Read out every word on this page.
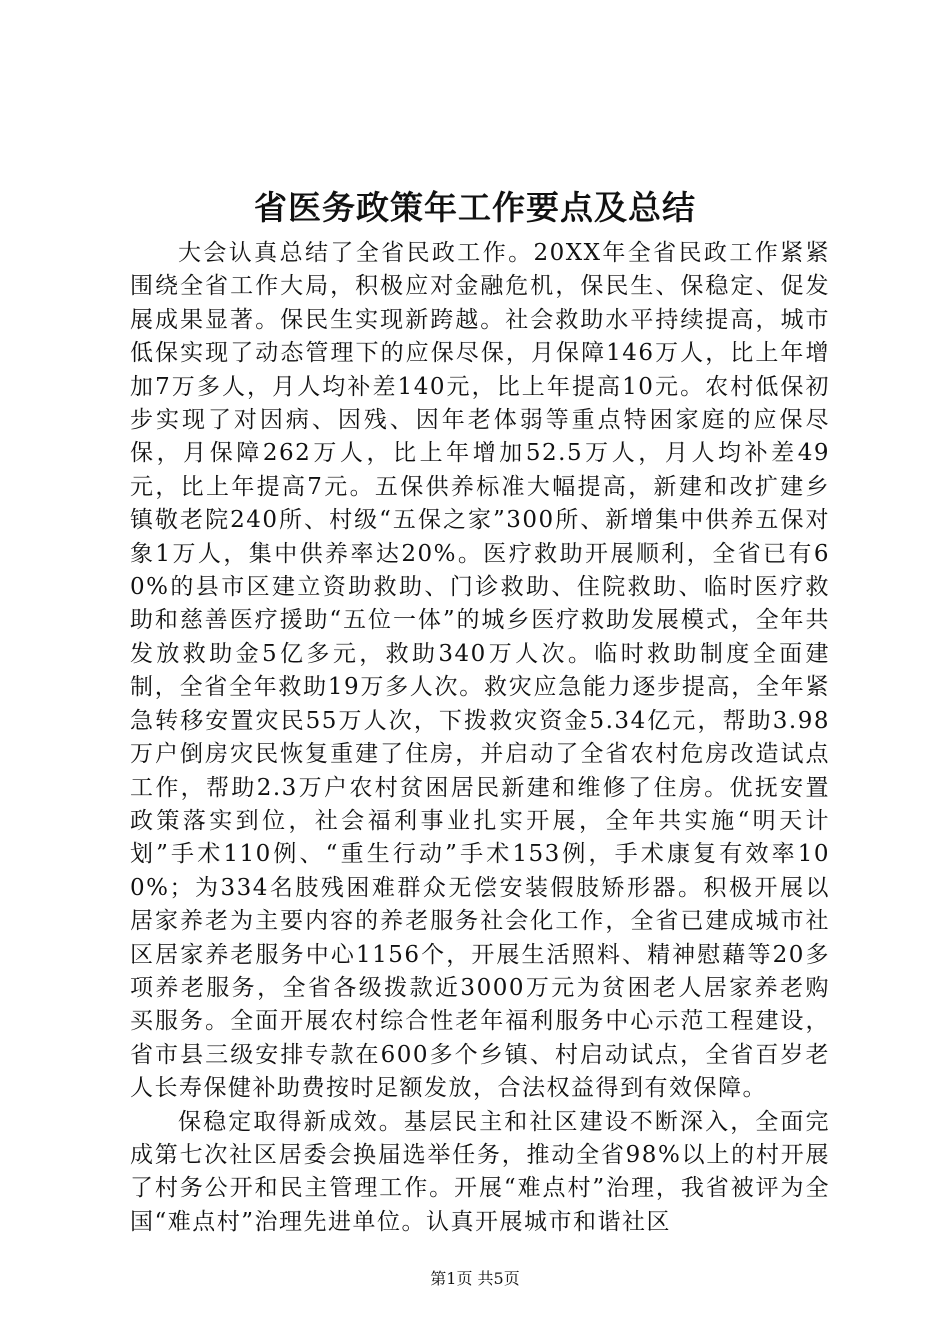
省医务政策年工作要点及总结

大会认真总结了全省民政工作。20XX年全省民政工作紧紧围绕全省工作大局，积极应对金融危机，保民生、保稳定、促发展成果显著。保民生实现新跨越。社会救助水平持续提高，城市低保实现了动态管理下的应保尽保，月保障146万人，比上年增加7万多人，月人均补差140元，比上年提高10元。农村低保初步实现了对因病、因残、因年老体弱等重点特困家庭的应保尽保，月保障262万人，比上年增加52.5万人，月人均补差49元，比上年提高7元。五保供养标准大幅提高，新建和改扩建乡镇敬老院240所、村级“五保之家”300所、新增集中供养五保对象1万人，集中供养率达20%。医疗救助开展顺利，全省已有60%的县市区建立资助救助、门诊救助、住院救助、临时医疗救助和慈善医疗援助“五位一体”的城乡医疗救助发展模式，全年共发放救助金5亿多元，救助340万人次。临时救助制度全面建制，全省全年救助19万多人次。救灾应急能力逐步提高，全年紧急转移安置灾民55万人次，下拨救灾资金5.34亿元，帮助3.98万户倒房灾民恢复重建了住房，并启动了全省农村危房改造试点工作，帮助2.3万户农村贫困居民新建和维修了住房。优抚安置政策落实到位，社会福利事业扎实开展，全年共实施“明天计划”手术110例、“重生行动”手术153例，手术康复有效率100%；为334名肢残困难群众无偿安装假肢矫形器。积极开展以居家养老为主要内容的养老服务社会化工作，全省已建成城市社区居家养老服务中心1156个，开展生活照料、精神慰藉等20多项养老服务，全省各级拨款近3000万元为贫困老人居家养老购买服务。全面开展农村综合性老年福利服务中心示范工程建设，省市县三级安排专款在600多个乡镇、村启动试点，全省百岁老人长寿保健补助费按时足额发放，合法权益得到有效保障。

保稳定取得新成效。基层民主和社区建设不断深入，全面完成第七次社区居委会换届选举任务，推动全省98%以上的村开展了村务公开和民主管理工作。开展“难点村”治理，我省被评为全国“难点村”治理先进单位。认真开展城市和谐社区

第1页 共5页
